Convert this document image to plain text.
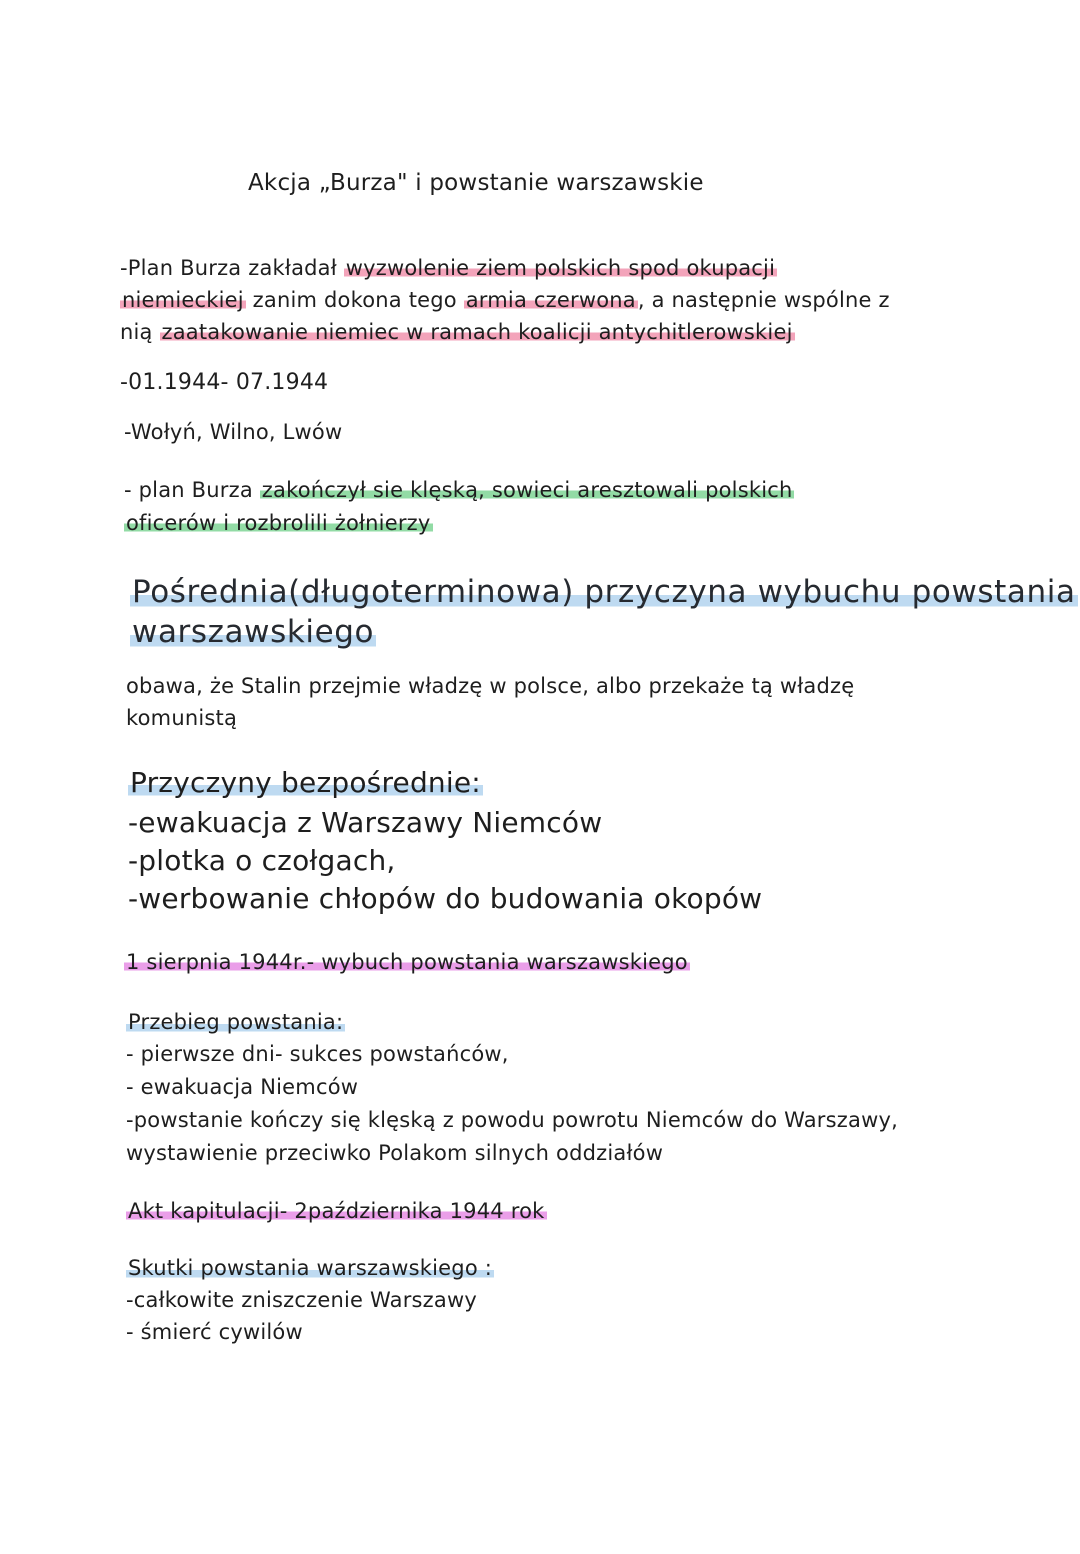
Akcja „Burza" i powstanie warszawskie
-Plan Burza zakładał wyzwolenie ziem polskich spod okupacji
niemieckiej zanim dokona tego armia czerwona, a następnie wspólne z
nią zaatakowanie niemiec w ramach koalicji antychitlerowskiej
-01.1944- 07.1944
-Wołyń, Wilno, Lwów
- plan Burza zakończył sie klęską, sowieci aresztowali polskich
oficerów i rozbrolili żołnierzy
Pośrednia(długoterminowa) przyczyna wybuchu powstania
warszawskiego
obawa, że Stalin przejmie władzę w polsce, albo przekaże tą władzę
komunistą
Przyczyny bezpośrednie:
-ewakuacja z Warszawy Niemców
-plotka o czołgach,
-werbowanie chłopów do budowania okopów
1 sierpnia 1944r.- wybuch powstania warszawskiego
Przebieg powstania:
- pierwsze dni- sukces powstańców,
- ewakuacja Niemców
-powstanie kończy się klęską z powodu powrotu Niemców do Warszawy,
wystawienie przeciwko Polakom silnych oddziałów
Akt kapitulacji- 2października 1944 rok
Skutki powstania warszawskiego :
-całkowite zniszczenie Warszawy
- śmierć cywilów
